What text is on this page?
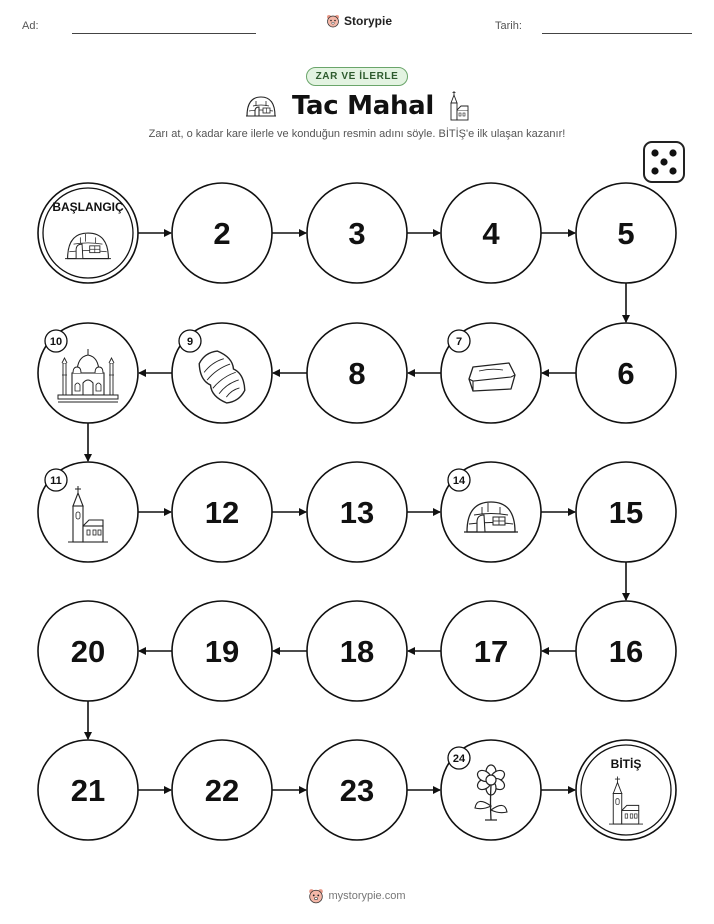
Ad:	Storypie	Tarih:
ZAR VE İLERLE
Tac Mahal
Zarı at, o kadar kare ilerle ve konduğun resmin adını söyle. BİTİŞ'e ilk ulaşan kazanır!
BAŞLANGIÇ
2	3	4	5
6
7
8
9
10
11
12	13
14
15
16
17
18
19
20
21	22	23
24	BİTİŞ
mystorypie.com
